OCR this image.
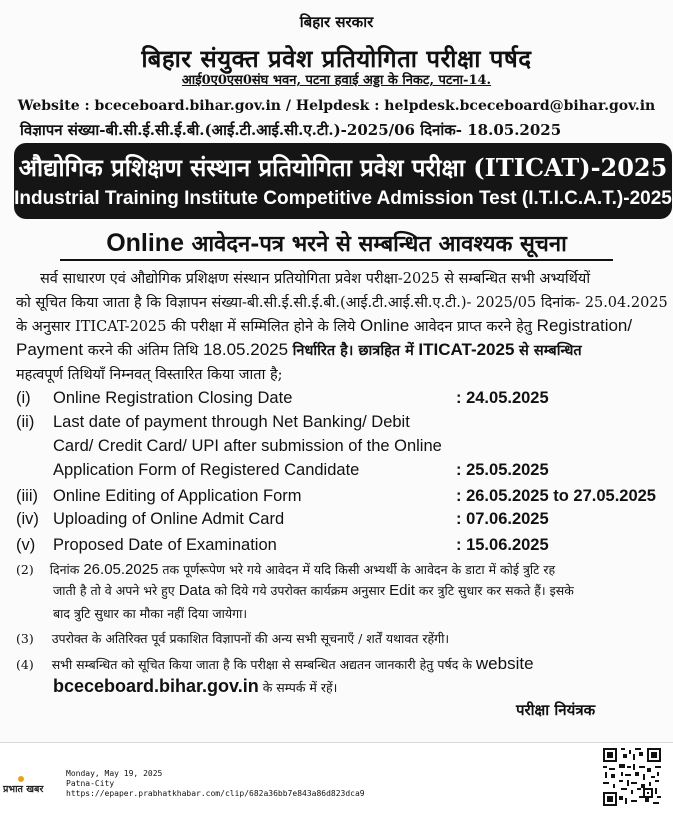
बिहार सरकार
बिहार संयुक्त प्रवेश प्रतियोगिता परीक्षा पर्षद
आई0ए0एस0संघ भवन, पटना हवाई अड्डा के निकट, पटना-14.
Website : bceceboard.bihar.gov.in / Helpdesk : helpdesk.bceceboard@bihar.gov.in
विज्ञापन संख्या-बी.सी.ई.सी.ई.बी.(आई.टी.आई.सी.ए.टी.)-2025/06 दिनांक- 18.05.2025
औद्योगिक प्रशिक्षण संस्थान प्रतियोगिता प्रवेश परीक्षा (ITICAT)-2025
Industrial Training Institute Competitive Admission Test (I.T.I.C.A.T.)-2025
Online आवेदन-पत्र भरने से सम्बन्धित आवश्यक सूचना
सर्व साधारण एवं औद्योगिक प्रशिक्षण संस्थान प्रतियोगिता प्रवेश परीक्षा-2025 से सम्बन्धित सभी अभ्यर्थियों
को सूचित किया जाता है कि विज्ञापन संख्या-बी.सी.ई.सी.ई.बी.(आई.टी.आई.सी.ए.टी.)- 2025/05 दिनांक- 25.04.2025
के अनुसार ITICAT-2025 की परीक्षा में सम्मिलित होने के लिये Online आवेदन प्राप्त करने हेतु Registration/
Payment करने की अंतिम तिथि 18.05.2025 निर्धारित है। छात्रहित में ITICAT-2025 से सम्बन्धित
महत्वपूर्ण तिथियाँ निम्नवत् विस्तारित किया जाता है;
(i) Online Registration Closing Date	: 24.05.2025
(ii) Last date of payment through Net Banking/ Debit
Card/ Credit Card/ UPI after submission of the Online
Application Form of Registered Candidate	: 25.05.2025
(iii) Online Editing of Application Form	: 26.05.2025 to 27.05.2025
(iv) Uploading of Online Admit Card	: 07.06.2025
(v) Proposed Date of Examination	: 15.06.2025
(2) दिनांक 26.05.2025 तक पूर्णरूपेण भरे गये आवेदन में यदि किसी अभ्यर्थी के आवेदन के डाटा में कोई त्रुटि रह
जाती है तो वे अपने भरे हुए Data को दिये गये उपरोक्त कार्यक्रम अनुसार Edit कर त्रुटि सुधार कर सकते हैं। इसके
बाद त्रुटि सुधार का मौका नहीं दिया जायेगा।
(3) उपरोक्त के अतिरिक्त पूर्व प्रकाशित विज्ञापनों की अन्य सभी सूचनाएँ / शर्तें यथावत रहेंगी।
(4) सभी सम्बन्धित को सूचित किया जाता है कि परीक्षा से सम्बन्धित अद्यतन जानकारी हेतु पर्षद के website
bceceboard.bihar.gov.in के सम्पर्क में रहें।
परीक्षा नियंत्रक
प्रभात खबर
Monday, May 19, 2025
Patna-City
https://epaper.prabhatkhabar.com/clip/682a36bb7e843a86d823dca9
